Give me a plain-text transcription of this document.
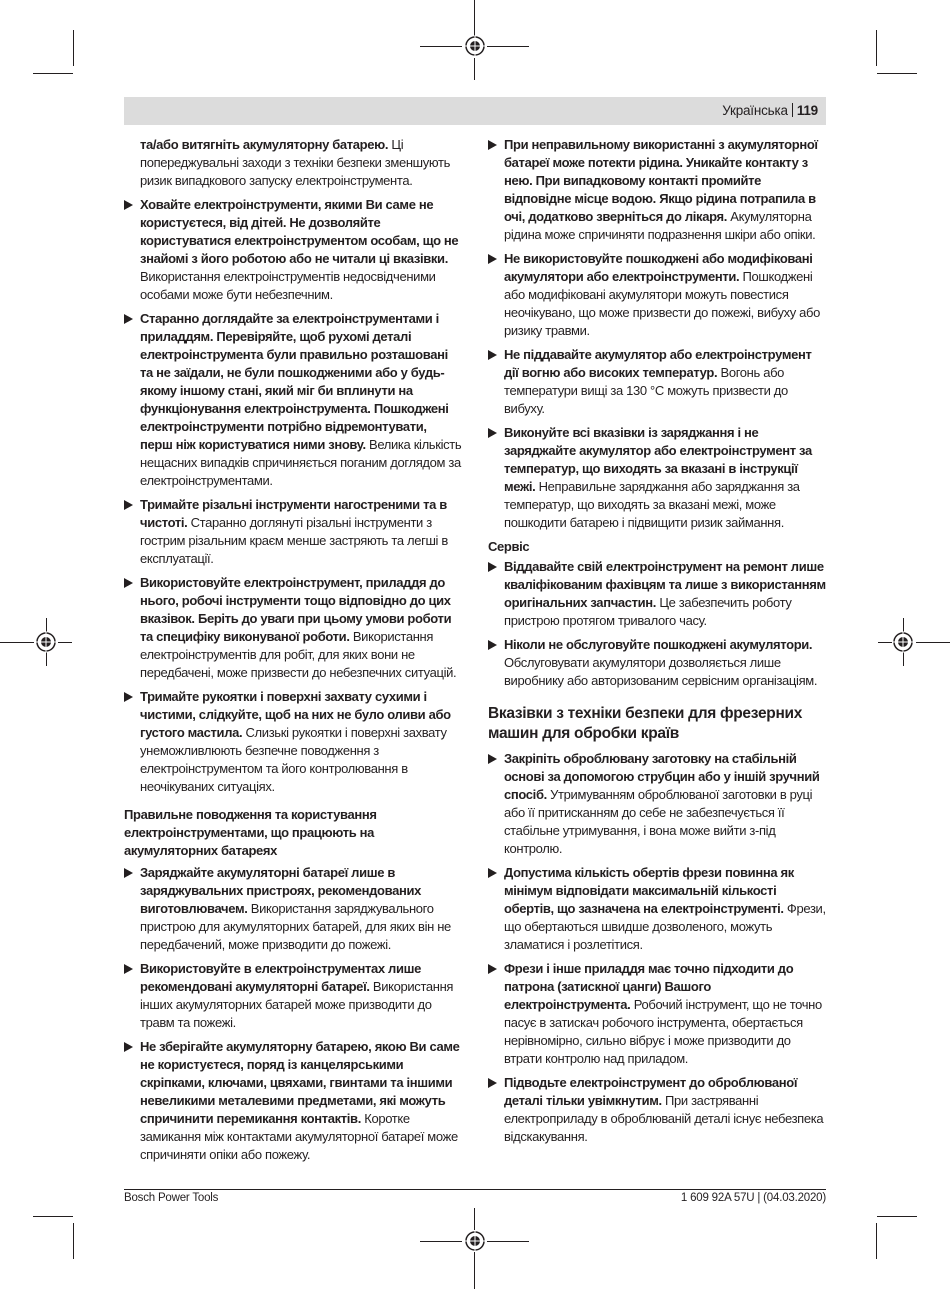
Українська 119
та/або витягніть акумуляторну батарею. Ці попереджувальні заходи з техніки безпеки зменшують ризик випадкового запуску електроінструмента.
Ховайте електроінструменти, якими Ви саме не користуєтеся, від дітей. Не дозволяйте користуватися електроінструментом особам, що не знайомі з його роботою або не читали ці вказівки. Використання електроінструментів недосвідченими особами може бути небезпечним.
Старанно доглядайте за електроінструментами і приладдям. Перевіряйте, щоб рухомі деталі електроінструмента були правильно розташовані та не заїдали, не були пошкодженими або у будь-якому іншому стані, який міг би вплинути на функціонування електроінструмента. Пошкоджені електроінструменти потрібно відремонтувати, перш ніж користуватися ними знову. Велика кількість нещасних випадків спричиняється поганим доглядом за електроінструментами.
Тримайте різальні інструменти нагостреними та в чистоті. Старанно доглянуті різальні інструменти з гострим різальним краєм менше застряють та легші в експлуатації.
Використовуйте електроінструмент, приладдя до нього, робочі інструменти тощо відповідно до цих вказівок. Беріть до уваги при цьому умови роботи та специфіку виконуваної роботи. Використання електроінструментів для робіт, для яких вони не передбачені, може призвести до небезпечних ситуацій.
Тримайте рукоятки і поверхні захвату сухими і чистими, слідкуйте, щоб на них не було оливи або густого мастила. Слизькі рукоятки і поверхні захвату унеможливлюють безпечне поводження з електроінструментом та його контролювання в неочікуваних ситуаціях.
Правильне поводження та користування електроінструментами, що працюють на акумуляторних батареях
Заряджайте акумуляторні батареї лише в заряджувальних пристроях, рекомендованих виготовлювачем. Використання заряджувального пристрою для акумуляторних батарей, для яких він не передбачений, може призводити до пожежі.
Використовуйте в електроінструментах лише рекомендовані акумуляторні батареї. Використання інших акумуляторних батарей може призводити до травм та пожежі.
Не зберігайте акумуляторну батарею, якою Ви саме не користуєтеся, поряд із канцелярськими скріпками, ключами, цвяхами, гвинтами та іншими невеликими металевими предметами, які можуть спричинити перемикання контактів. Коротке замикання між контактами акумуляторної батареї може спричиняти опіки або пожежу.
При неправильному використанні з акумуляторної батареї може потекти рідина. Уникайте контакту з нею. При випадковому контакті промийте відповідне місце водою. Якщо рідина потрапила в очі, додатково зверніться до лікаря. Акумуляторна рідина може спричиняти подразнення шкіри або опіки.
Не використовуйте пошкоджені або модифіковані акумулятори або електроінструменти. Пошкоджені або модифіковані акумулятори можуть повестися неочікувано, що може призвести до пожежі, вибуху або ризику травми.
Не піддавайте акумулятор або електроінструмент дії вогню або високих температур. Вогонь або температури вищі за 130 °C можуть призвести до вибуху.
Виконуйте всі вказівки із заряджання і не заряджайте акумулятор або електроінструмент за температур, що виходять за вказані в інструкції межі. Неправильне заряджання або заряджання за температур, що виходять за вказані межі, може пошкодити батарею і підвищити ризик займання.
Сервіс
Віддавайте свій електроінструмент на ремонт лише кваліфікованим фахівцям та лише з використанням оригінальних запчастин. Це забезпечить роботу пристрою протягом тривалого часу.
Ніколи не обслуговуйте пошкоджені акумулятори. Обслуговувати акумулятори дозволяється лише виробнику або авторизованим сервісним організаціям.
Вказівки з техніки безпеки для фрезерних машин для обробки країв
Закріпіть оброблювану заготовку на стабільній основі за допомогою струбцин або у іншій зручний спосіб. Утримуванням оброблюваної заготовки в руці або її притисканням до себе не забезпечується її стабільне утримування, і вона може вийти з-під контролю.
Допустима кількість обертів фрези повинна як мінімум відповідати максимальній кількості обертів, що зазначена на електроінструменті. Фрези, що обертаються швидше дозволеного, можуть зламатися і розлетітися.
Фрези і інше приладдя має точно підходити до патрона (затискної цанги) Вашого електроінструмента. Робочий інструмент, що не точно пасує в затискач робочого інструмента, обертається нерівномірно, сильно вібрує і може призводити до втрати контролю над приладом.
Підводьте електроінструмент до оброблюваної деталі тільки увімкнутим. При застряванні електроприладу в оброблюваній деталі існує небезпека відскакування.
Bosch Power Tools	1 609 92A 57U | (04.03.2020)
